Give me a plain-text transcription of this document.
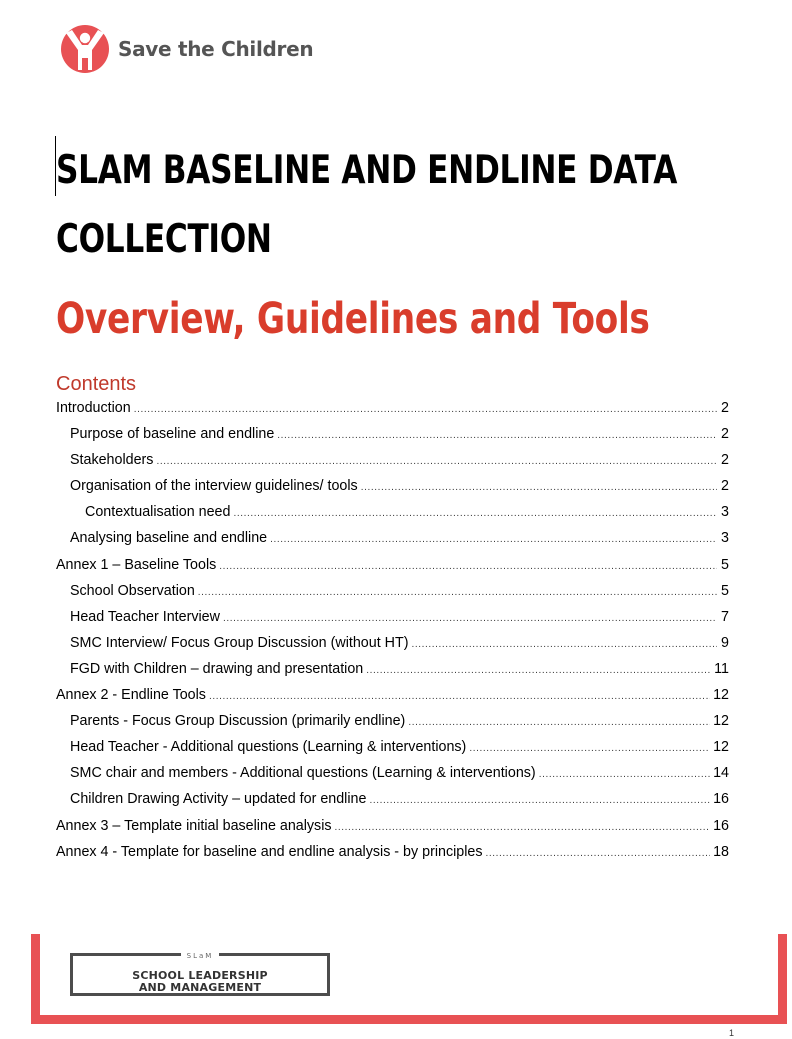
Save the Children
SLAM BASELINE AND ENDLINE DATA
COLLECTION
Overview, Guidelines and Tools
Contents
Introduction .....	2
Purpose of baseline and endline .....	2
Stakeholders .....	2
Organisation of the interview guidelines/ tools .....	2
Contextualisation need .....	3
Analysing baseline and endline .....	3
Annex 1 – Baseline Tools .....	5
School Observation .....	5
Head Teacher Interview .....	7
SMC Interview/ Focus Group Discussion (without HT) .....	9
FGD with Children – drawing and presentation .....	11
Annex 2 - Endline Tools .....	12
Parents - Focus Group Discussion (primarily endline) .....	12
Head Teacher - Additional questions (Learning & interventions) .....	12
SMC chair and members - Additional questions (Learning & interventions) .....	14
Children Drawing Activity – updated for endline .....	16
Annex 3 – Template initial baseline analysis .....	16
Annex 4 - Template for baseline and endline analysis - by principles .....	18
SLaM
SCHOOL LEADERSHIP
AND MANAGEMENT
1
